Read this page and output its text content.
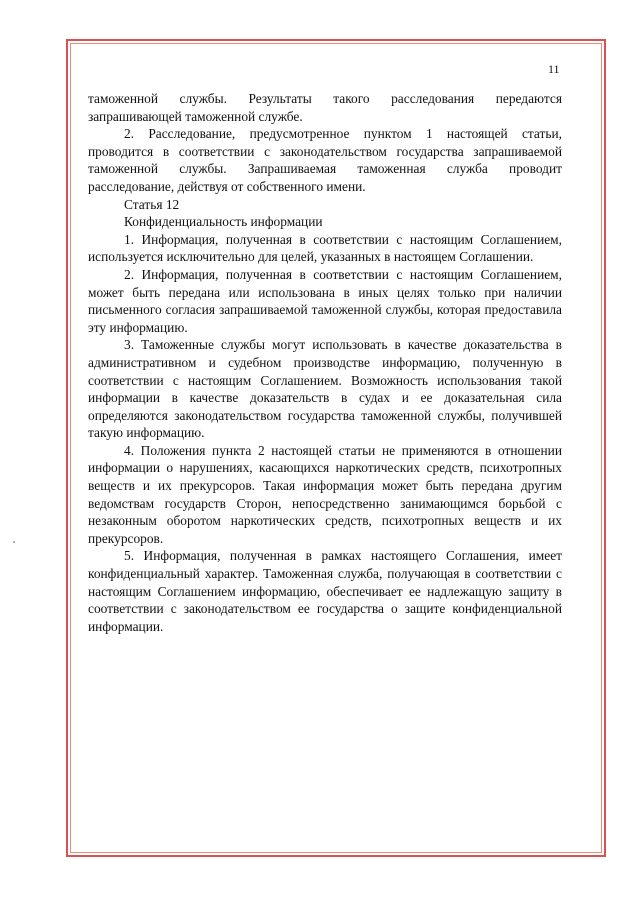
11

таможенной службы. Результаты такого расследования передаются запрашивающей таможенной службе.

2. Расследование, предусмотренное пунктом 1 настоящей статьи, проводится в соответствии с законодательством государства запрашиваемой таможенной службы. Запрашиваемая таможенная служба проводит расследование, действуя от собственного имени.

Статья 12

Конфиденциальность информации

1. Информация, полученная в соответствии с настоящим Соглашением, используется исключительно для целей, указанных в настоящем Соглашении.

2. Информация, полученная в соответствии с настоящим Соглашением, может быть передана или использована в иных целях только при наличии письменного согласия запрашиваемой таможенной службы, которая предоставила эту информацию.

3. Таможенные службы могут использовать в качестве доказательства в административном и судебном производстве информацию, полученную в соответствии с настоящим Соглашением. Возможность использования такой информации в качестве доказательств в судах и ее доказательная сила определяются законодательством государства таможенной службы, получившей такую информацию.

4. Положения пункта 2 настоящей статьи не применяются в отношении информации о нарушениях, касающихся наркотических средств, психотропных веществ и их прекурсоров. Такая информация может быть передана другим ведомствам государств Сторон, непосредственно занимающимся борьбой с незаконным оборотом наркотических средств, психотропных веществ и их прекурсоров.

5. Информация, полученная в рамках настоящего Соглашения, имеет конфиденциальный характер. Таможенная служба, получающая в соответствии с настоящим Соглашением информацию, обеспечивает ее надлежащую защиту в соответствии с законодательством ее государства о защите конфиденциальной информации.
